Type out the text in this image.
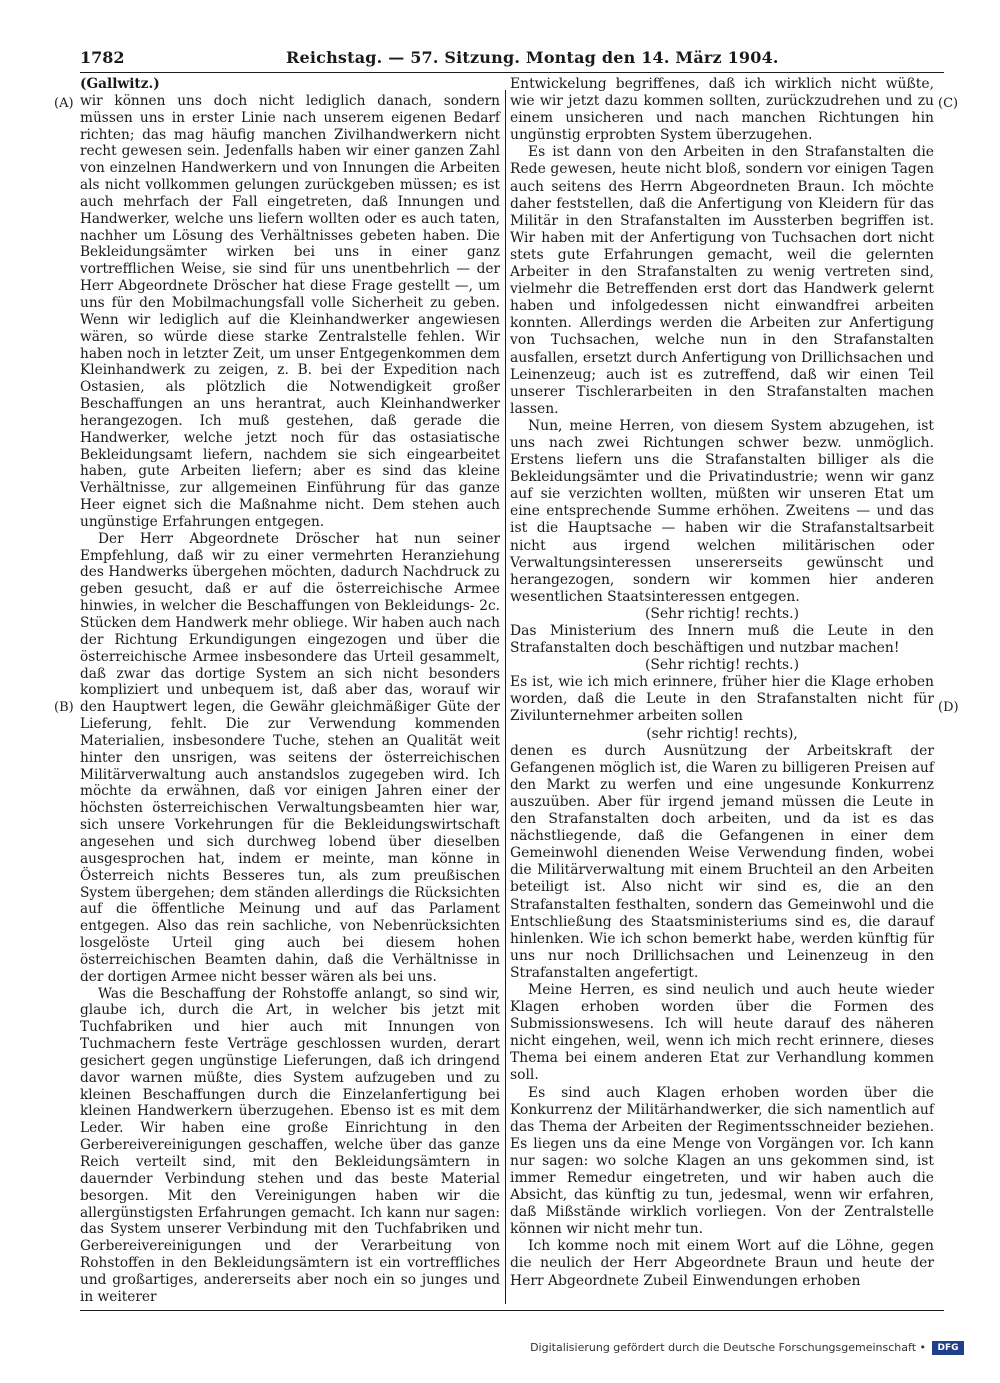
1782	Reichstag. — 57. Sitzung. Montag den 14. März 1904.
(A)
(B)
(C)
(D)

(Gallwitz.)

wir können uns doch nicht lediglich danach, sondern müssen uns in erster Linie nach unserem eigenen Bedarf richten; das mag häufig manchen Zivilhandwerkern nicht recht gewesen sein. Jedenfalls haben wir einer ganzen Zahl von einzelnen Handwerkern und von Innungen die Arbeiten als nicht vollkommen gelungen zurückgeben müssen; es ist auch mehrfach der Fall eingetreten, daß Innungen und Handwerker, welche uns liefern wollten oder es auch taten, nachher um Lösung des Verhältnisses gebeten haben. Die Bekleidungsämter wirken bei uns in einer ganz vortrefflichen Weise, sie sind für uns unentbehrlich — der Herr Abgeordnete Dröscher hat diese Frage gestellt —, um uns für den Mobilmachungsfall volle Sicherheit zu geben. Wenn wir lediglich auf die Kleinhandwerker angewiesen wären, so würde diese starke Zentralstelle fehlen. Wir haben noch in letzter Zeit, um unser Entgegenkommen dem Kleinhandwerk zu zeigen, z. B. bei der Expedition nach Ostasien, als plötzlich die Notwendigkeit großer Beschaffungen an uns herantrat, auch Kleinhandwerker herangezogen. Ich muß gestehen, daß gerade die Handwerker, welche jetzt noch für das ostasiatische Bekleidungsamt liefern, nachdem sie sich eingearbeitet haben, gute Arbeiten liefern; aber es sind das kleine Verhältnisse, zur allgemeinen Einführung für das ganze Heer eignet sich die Maßnahme nicht. Dem stehen auch ungünstige Erfahrungen entgegen.

Der Herr Abgeordnete Dröscher hat nun seiner Empfehlung, daß wir zu einer vermehrten Heranziehung des Handwerks übergehen möchten, dadurch Nachdruck zu geben gesucht, daß er auf die österreichische Armee hinwies, in welcher die Beschaffungen von Bekleidungs- 2c. Stücken dem Handwerk mehr obliege. Wir haben auch nach der Richtung Erkundigungen eingezogen und über die österreichische Armee insbesondere das Urteil gesammelt, daß zwar das dortige System an sich nicht besonders kompliziert und unbequem ist, daß aber das, worauf wir den Hauptwert legen, die Gewähr gleichmäßiger Güte der Lieferung, fehlt. Die zur Verwendung kommenden Materialien, insbesondere Tuche, stehen an Qualität weit hinter den unsrigen, was seitens der österreichischen Militärverwaltung auch anstandslos zugegeben wird. Ich möchte da erwähnen, daß vor einigen Jahren einer der höchsten österreichischen Verwaltungsbeamten hier war, sich unsere Vorkehrungen für die Bekleidungswirtschaft angesehen und sich durchweg lobend über dieselben ausgesprochen hat, indem er meinte, man könne in Österreich nichts Besseres tun, als zum preußischen System übergehen; dem ständen allerdings die Rücksichten auf die öffentliche Meinung und auf das Parlament entgegen. Also das rein sachliche, von Nebenrücksichten losgelöste Urteil ging auch bei diesem hohen österreichischen Beamten dahin, daß die Verhältnisse in der dortigen Armee nicht besser wären als bei uns.

Was die Beschaffung der Rohstoffe anlangt, so sind wir, glaube ich, durch die Art, in welcher bis jetzt mit Tuchfabriken und hier auch mit Innungen von Tuchmachern feste Verträge geschlossen wurden, derart gesichert gegen ungünstige Lieferungen, daß ich dringend davor warnen müßte, dies System aufzugeben und zu kleinen Beschaffungen durch die Einzelanfertigung bei kleinen Handwerkern überzugehen. Ebenso ist es mit dem Leder. Wir haben eine große Einrichtung in den Gerbereivereinigungen geschaffen, welche über das ganze Reich verteilt sind, mit den Bekleidungsämtern in dauernder Verbindung stehen und das beste Material besorgen. Mit den Vereinigungen haben wir die allergünstigsten Erfahrungen gemacht. Ich kann nur sagen: das System unserer Verbindung mit den Tuchfabriken und Gerbereivereinigungen und der Verarbeitung von Rohstoffen in den Bekleidungsämtern ist ein vortreffliches und großartiges, andererseits aber noch ein so junges und in weiterer

Entwickelung begriffenes, daß ich wirklich nicht wüßte, wie wir jetzt dazu kommen sollten, zurückzudrehen und zu einem unsicheren und nach manchen Richtungen hin ungünstig erprobten System überzugehen.

Es ist dann von den Arbeiten in den Strafanstalten die Rede gewesen, heute nicht bloß, sondern vor einigen Tagen auch seitens des Herrn Abgeordneten Braun. Ich möchte daher feststellen, daß die Anfertigung von Kleidern für das Militär in den Strafanstalten im Aussterben begriffen ist. Wir haben mit der Anfertigung von Tuchsachen dort nicht stets gute Erfahrungen gemacht, weil die gelernten Arbeiter in den Strafanstalten zu wenig vertreten sind, vielmehr die Betreffenden erst dort das Handwerk gelernt haben und infolgedessen nicht einwandfrei arbeiten konnten. Allerdings werden die Arbeiten zur Anfertigung von Tuchsachen, welche nun in den Strafanstalten ausfallen, ersetzt durch Anfertigung von Drillichsachen und Leinenzeug; auch ist es zutreffend, daß wir einen Teil unserer Tischlerarbeiten in den Strafanstalten machen lassen.

Nun, meine Herren, von diesem System abzugehen, ist uns nach zwei Richtungen schwer bezw. unmöglich. Erstens liefern uns die Strafanstalten billiger als die Bekleidungsämter und die Privatindustrie; wenn wir ganz auf sie verzichten wollten, müßten wir unseren Etat um eine entsprechende Summe erhöhen. Zweitens — und das ist die Hauptsache — haben wir die Strafanstaltsarbeit nicht aus irgend welchen militärischen oder Verwaltungsinteressen unsererseits gewünscht und herangezogen, sondern wir kommen hier anderen wesentlichen Staatsinteressen entgegen.

(Sehr richtig! rechts.)

Das Ministerium des Innern muß die Leute in den Strafanstalten doch beschäftigen und nutzbar machen!

(Sehr richtig! rechts.)

Es ist, wie ich mich erinnere, früher hier die Klage erhoben worden, daß die Leute in den Strafanstalten nicht für Zivilunternehmer arbeiten sollen

(sehr richtig! rechts),

denen es durch Ausnützung der Arbeitskraft der Gefangenen möglich ist, die Waren zu billigeren Preisen auf den Markt zu werfen und eine ungesunde Konkurrenz auszuüben. Aber für irgend jemand müssen die Leute in den Strafanstalten doch arbeiten, und da ist es das nächstliegende, daß die Gefangenen in einer dem Gemeinwohl dienenden Weise Verwendung finden, wobei die Militärverwaltung mit einem Bruchteil an den Arbeiten beteiligt ist. Also nicht wir sind es, die an den Strafanstalten festhalten, sondern das Gemeinwohl und die Entschließung des Staatsministeriums sind es, die darauf hinlenken. Wie ich schon bemerkt habe, werden künftig für uns nur noch Drillichsachen und Leinenzeug in den Strafanstalten angefertigt.

Meine Herren, es sind neulich und auch heute wieder Klagen erhoben worden über die Formen des Submissionswesens. Ich will heute darauf des näheren nicht eingehen, weil, wenn ich mich recht erinnere, dieses Thema bei einem anderen Etat zur Verhandlung kommen soll.

Es sind auch Klagen erhoben worden über die Konkurrenz der Militärhandwerker, die sich namentlich auf das Thema der Arbeiten der Regimentsschneider beziehen. Es liegen uns da eine Menge von Vorgängen vor. Ich kann nur sagen: wo solche Klagen an uns gekommen sind, ist immer Remedur eingetreten, und wir haben auch die Absicht, das künftig zu tun, jedesmal, wenn wir erfahren, daß Mißstände wirklich vorliegen. Von der Zentralstelle können wir nicht mehr tun.

Ich komme noch mit einem Wort auf die Löhne, gegen die neulich der Herr Abgeordnete Braun und heute der Herr Abgeordnete Zubeil Einwendungen erhoben

Digitalisierung gefördert durch die Deutsche Forschungsgemeinschaft •	DFG
